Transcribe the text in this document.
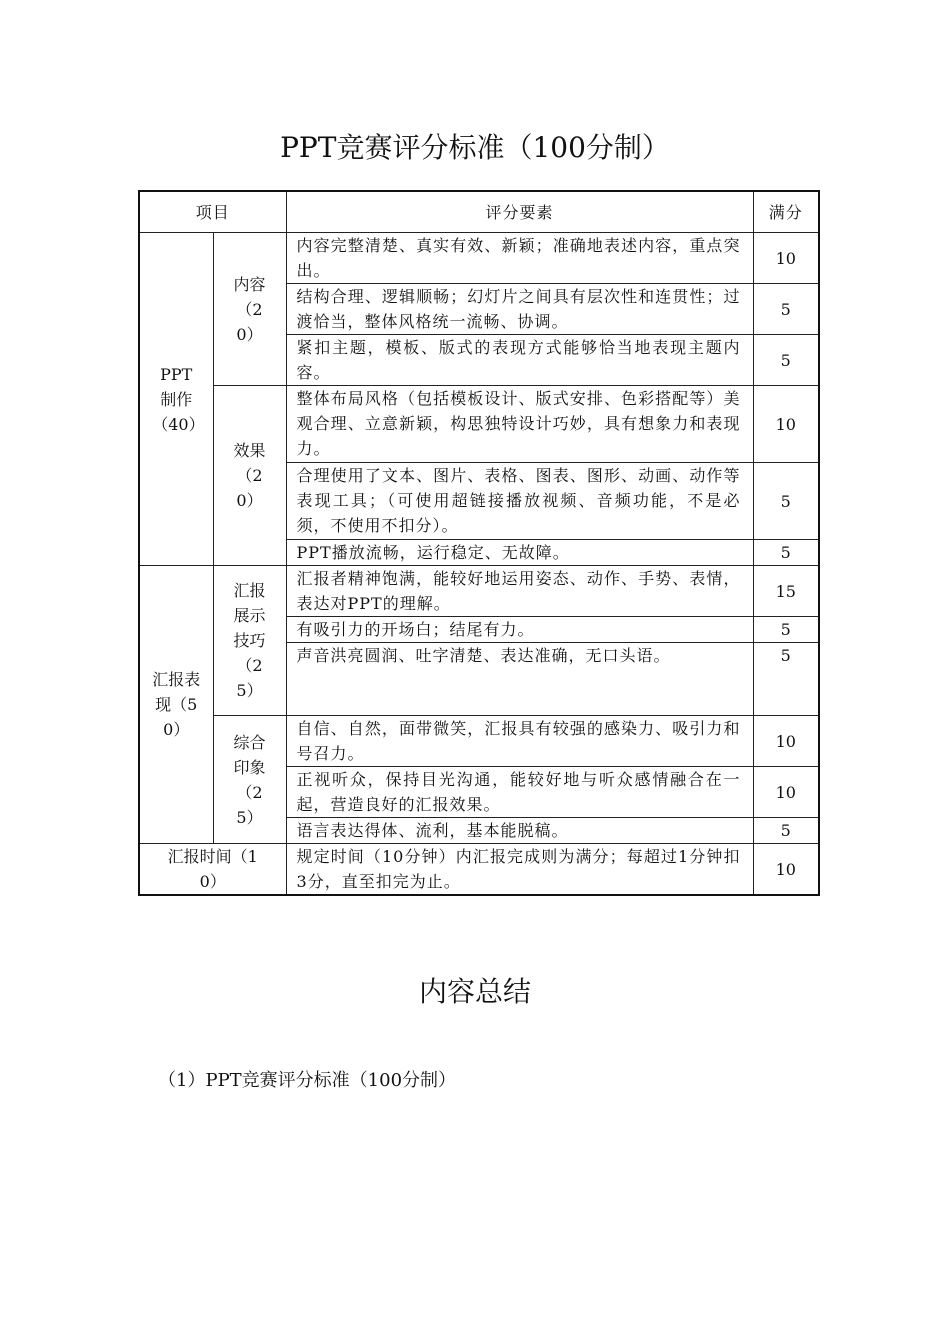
PPT竞赛评分标准（100分制）
项目		评分要素	满分
PPT制作（40）	内容（20）	内容完整清楚、真实有效、新颖；准确地表述内容，重点突出。	10
		结构合理、逻辑顺畅；幻灯片之间具有层次性和连贯性；过渡恰当，整体风格统一流畅、协调。	5
		紧扣主题，模板、版式的表现方式能够恰当地表现主题内容。	5
	效果（20）	整体布局风格（包括模板设计、版式安排、色彩搭配等）美观合理、立意新颖，构思独特设计巧妙，具有想象力和表现力。	10
		合理使用了文本、图片、表格、图表、图形、动画、动作等表现工具；（可使用超链接播放视频、音频功能，不是必须，不使用不扣分）。	5
		PPT播放流畅，运行稳定、无故障。	5
汇报表现（50）	汇报展示技巧（25）	汇报者精神饱满，能较好地运用姿态、动作、手势、表情，表达对PPT的理解。	15
		有吸引力的开场白；结尾有力。	5
		声音洪亮圆润、吐字清楚、表达准确，无口头语。	5
	综合印象（25）	自信、自然，面带微笑，汇报具有较强的感染力、吸引力和号召力。	10
		正视听众，保持目光沟通，能较好地与听众感情融合在一起，营造良好的汇报效果。	10
		语言表达得体、流利，基本能脱稿。	5
汇报时间（10）		规定时间（10分钟）内汇报完成则为满分；每超过1分钟扣3分，直至扣完为止。	10
内容总结
（1）PPT竞赛评分标准（100分制）
